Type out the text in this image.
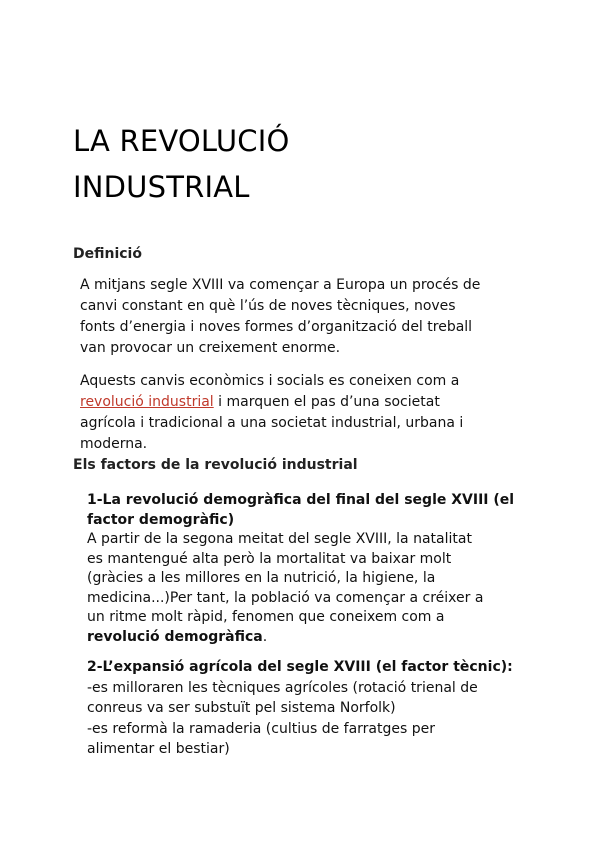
LA REVOLUCIÓ
INDUSTRIAL
Definició

A mitjans segle XVIII va començar a Europa un procés de
canvi constant en què l’ús de noves tècniques, noves
fonts d’energia i noves formes d’organització del treball
van provocar un creixement enorme.

Aquests canvis econòmics i socials es coneixen com a
revolució industrial i marquen el pas d’una societat
agrícola i tradicional a una societat industrial, urbana i
moderna.

Els factors de la revolució industrial
1-La revolució demogràfica del final del segle XVIII (el
factor demogràfic)
A partir de la segona meitat del segle XVIII, la natalitat
es mantengué alta però la mortalitat va baixar molt
(gràcies a les millores en la nutrició, la higiene, la
medicina...)Per tant, la població va començar a créixer a
un ritme molt ràpid, fenomen que coneixem com a
revolució demogràfica.
2-L’expansió agrícola del segle XVIII (el factor tècnic):
-es milloraren les tècniques agrícoles (rotació trienal de
conreus va ser substuït pel sistema Norfolk)
-es reformà la ramaderia (cultius de farratges per
alimentar el bestiar)
